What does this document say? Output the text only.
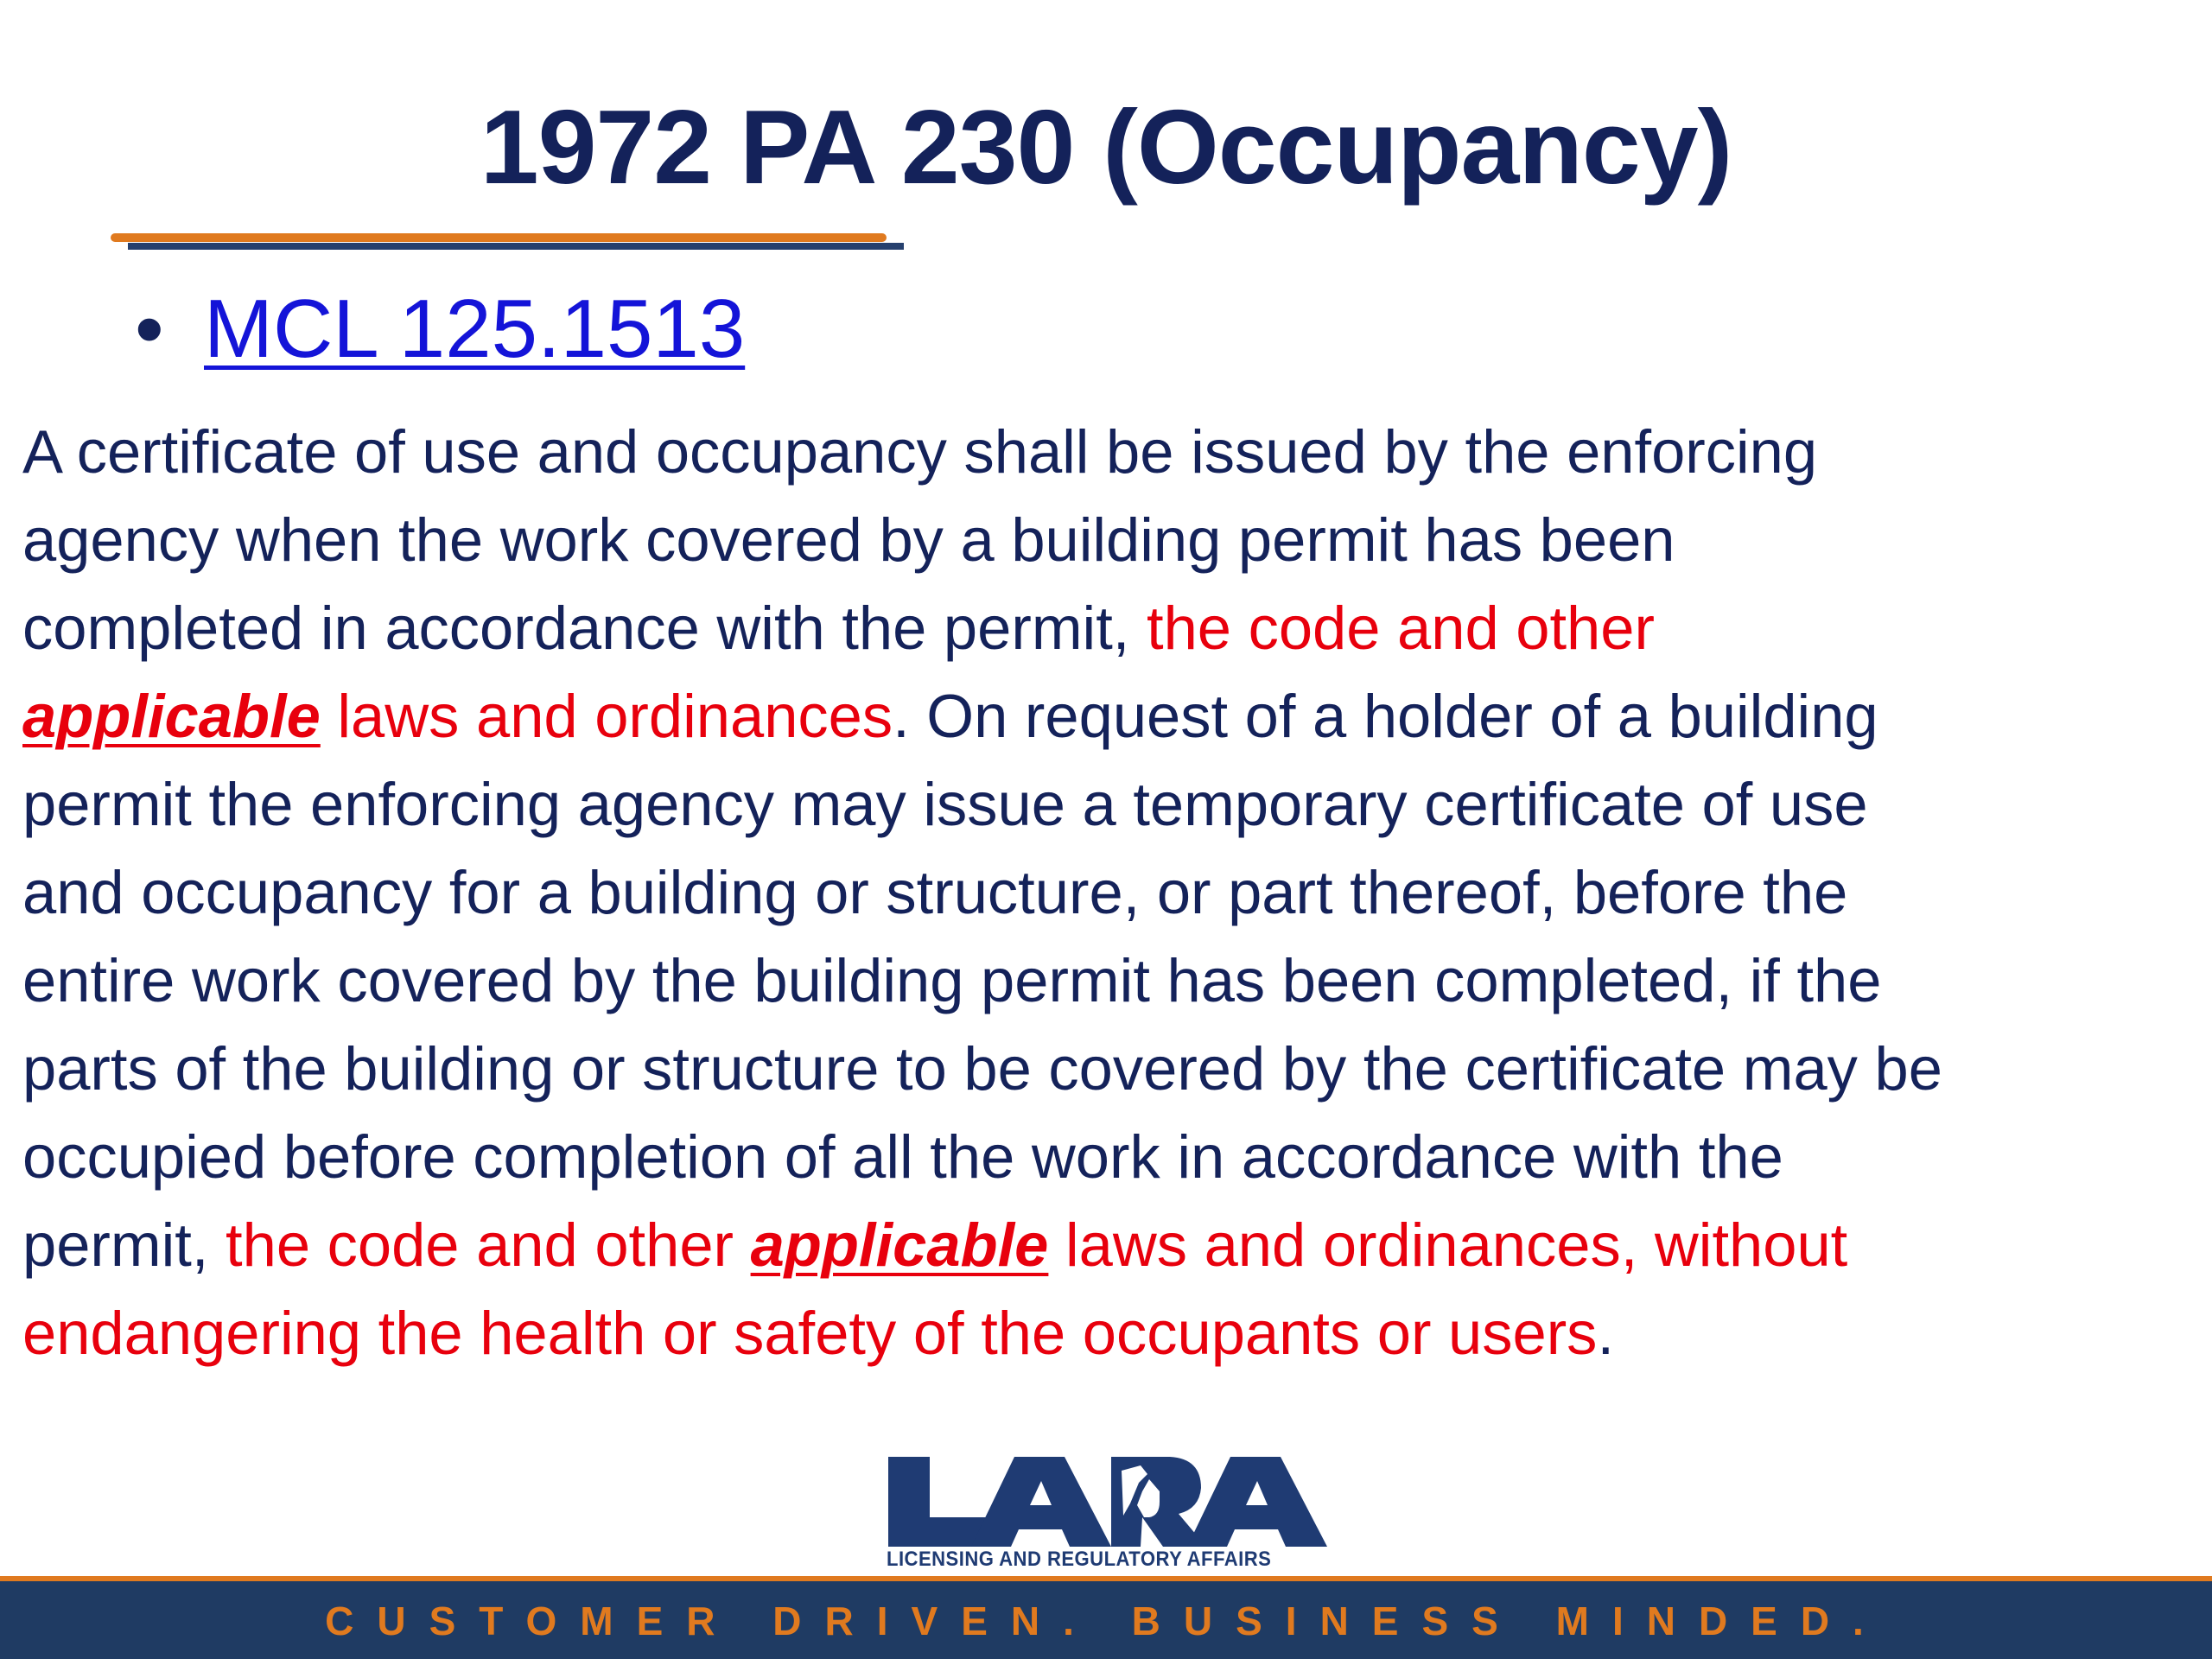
1972 PA 230 (Occupancy)
• MCL 125.1513
A certificate of use and occupancy shall be issued by the enforcing
agency when the work covered by a building permit has been
completed in accordance with the permit, the code and other
applicable laws and ordinances. On request of a holder of a building
permit the enforcing agency may issue a temporary certificate of use
and occupancy for a building or structure, or part thereof, before the
entire work covered by the building permit has been completed, if the
parts of the building or structure to be covered by the certificate may be
occupied before completion of all the work in accordance with the
permit, the code and other applicable laws and ordinances, without
endangering the health or safety of the occupants or users.
LICENSING AND REGULATORY AFFAIRS
CUSTOMER DRIVEN. BUSINESS MINDED.
